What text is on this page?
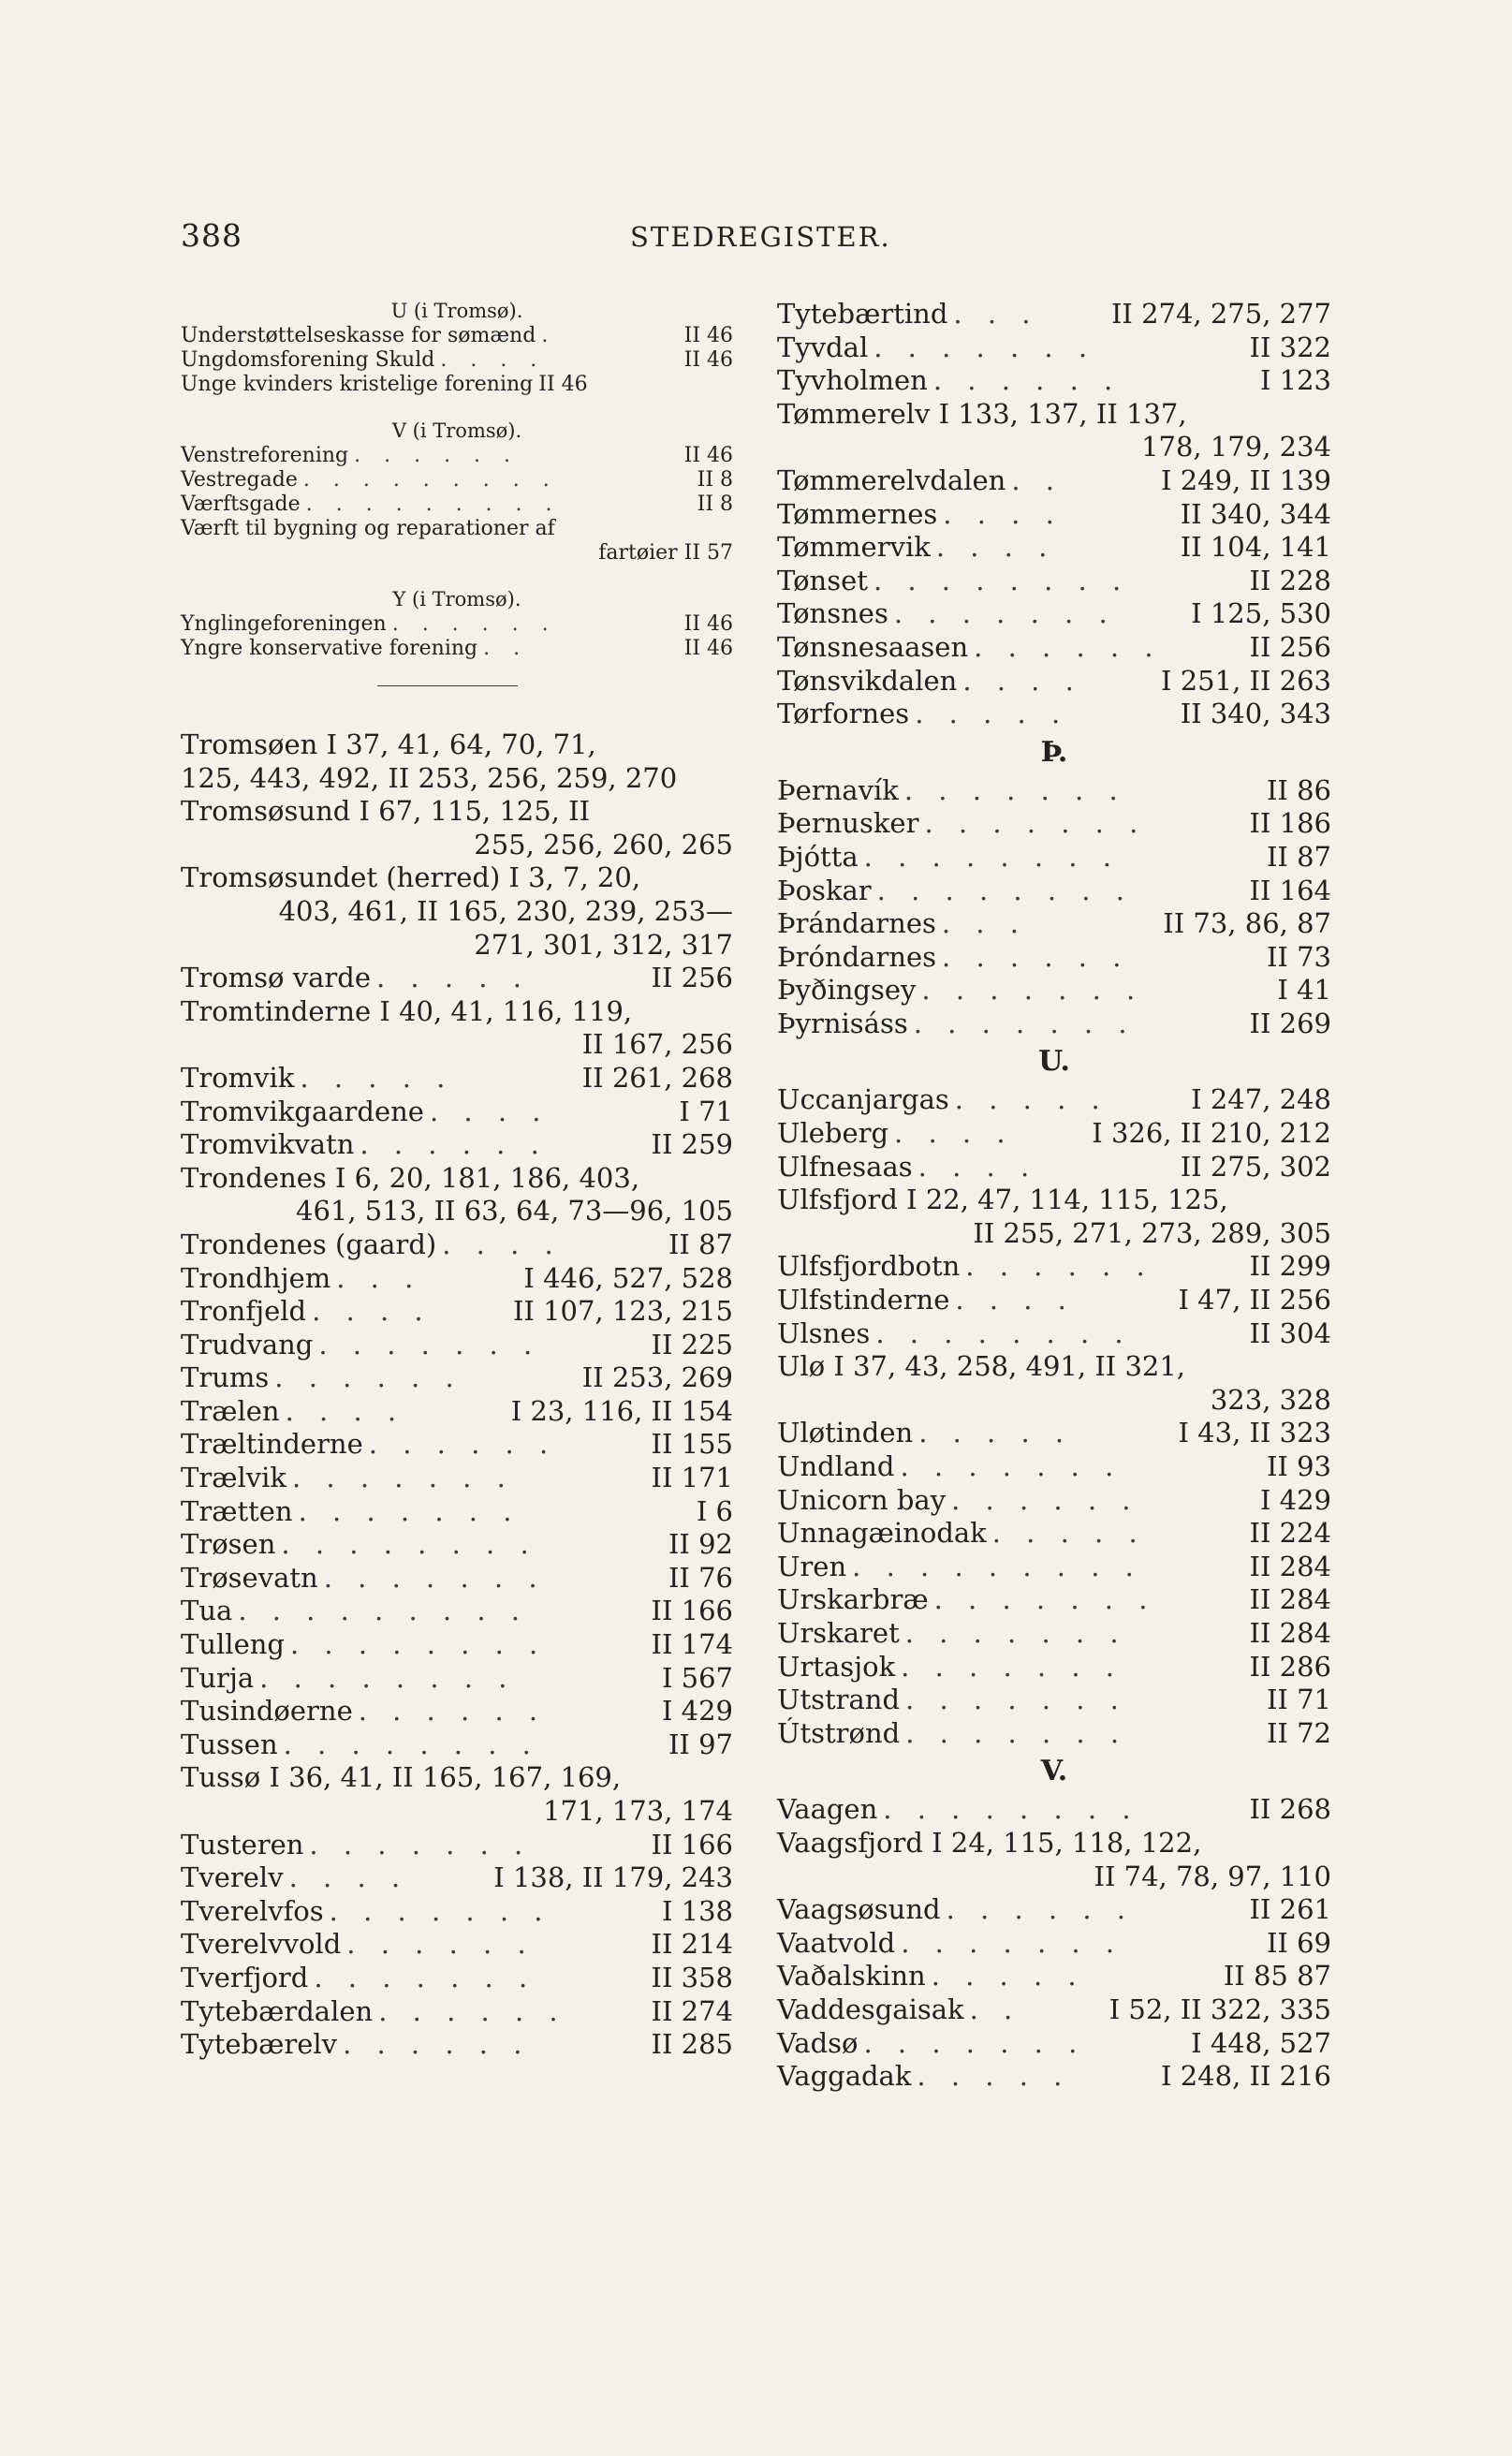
388	STEDREGISTER.
U (i Tromsø).
Understøttelseskasse for sømænd .	II 46
Ungdomsforening Skuld . . . .	II 46
Unge kvinders kristelige forening II 46
V (i Tromsø).
Venstreforening . . . . . .	II 46
Vestregade . . . . . . . . .	II 8
Værftsgade . . . . . . . . .	II 8
Værft til bygning og reparationer af
fartøier II 57
Y (i Tromsø).
Ynglingeforeningen . . . . . .	II 46
Yngre konservative forening . .	II 46
Tromsøen I 37, 41, 64, 70, 71,
125, 443, 492, II 253, 256, 259, 270
Tromsøsund I 67, 115, 125, II
255, 256, 260, 265
Tromsøsundet (herred) I 3, 7, 20,
403, 461, II 165, 230, 239, 253—
271, 301, 312, 317
Tromsø varde . . . . .	II 256
Tromtinderne I 40, 41, 116, 119,
II 167, 256
Tromvik . . . . .	II 261, 268
Tromvikgaardene . . . .	I 71
Tromvikvatn . . . . . .	II 259
Trondenes I 6, 20, 181, 186, 403,
461, 513, II 63, 64, 73—96, 105
Trondenes (gaard) . . . .	II 87
Trondhjem . . .	I 446, 527, 528
Tronfjeld . . . .	II 107, 123, 215
Trudvang . . . . . . .	II 225
Trums . . . . . .	II 253, 269
Trælen . . . .	I 23, 116, II 154
Træltinderne . . . . . .	II 155
Trælvik . . . . . . .	II 171
Trætten . . . . . . .	I 6
Trøsen . . . . . . . .	II 92
Trøsevatn . . . . . . .	II 76
Tua . . . . . . . . .	II 166
Tulleng . . . . . . . .	II 174
Turja . . . . . . . .	I 567
Tusindøerne . . . . . .	I 429
Tussen . . . . . . . .	II 97
Tussø I 36, 41, II 165, 167, 169,
171, 173, 174
Tusteren . . . . . . .	II 166
Tverelv . . . .	I 138, II 179, 243
Tverelvfos . . . . . . .	I 138
Tverelvvold . . . . . .	II 214
Tverfjord . . . . . . .	II 358
Tytebærdalen . . . . . .	II 274
Tytebærelv . . . . . .	II 285
Tytebærtind . . .	II 274, 275, 277
Tyvdal . . . . . . .	II 322
Tyvholmen . . . . . .	I 123
Tømmerelv I 133, 137, II 137,
178, 179, 234
Tømmerelvdalen . .	I 249, II 139
Tømmernes . . . .	II 340, 344
Tømmervik . . . .	II 104, 141
Tønset . . . . . . . .	II 228
Tønsnes . . . . . . .	I 125, 530
Tønsnesaasen . . . . . .	II 256
Tønsvikdalen . . . .	I 251, II 263
Tørfornes . . . . .	II 340, 343
Þ.
Þernavík . . . . . . .	II 86
Þernusker . . . . . . .	II 186
Þjótta . . . . . . . .	II 87
Þoskar . . . . . . . .	II 164
Þrándarnes . . .	II 73, 86, 87
Þróndarnes . . . . . .	II 73
Þyðingsey . . . . . . .	I 41
Þyrnisáss . . . . . . .	II 269
U.
Uccanjargas . . . . .	I 247, 248
Uleberg . . . .	I 326, II 210, 212
Ulfnesaas . . . .	II 275, 302
Ulfsfjord I 22, 47, 114, 115, 125,
II 255, 271, 273, 289, 305
Ulfsfjordbotn . . . . . .	II 299
Ulfstinderne . . . .	I 47, II 256
Ulsnes . . . . . . . .	II 304
Ulø I 37, 43, 258, 491, II 321,
323, 328
Uløtinden . . . . .	I 43, II 323
Undland . . . . . . .	II 93
Unicorn bay . . . . . .	I 429
Unnagæinodak . . . . .	II 224
Uren . . . . . . . . .	II 284
Urskarbræ . . . . . . .	II 284
Urskaret . . . . . . .	II 284
Urtasjok . . . . . . .	II 286
Utstrand . . . . . . .	II 71
Útstrønd . . . . . . .	II 72
V.
Vaagen . . . . . . . .	II 268
Vaagsfjord I 24, 115, 118, 122,
II 74, 78, 97, 110
Vaagsøsund . . . . . .	II 261
Vaatvold . . . . . . .	II 69
Vaðalskinn . . . . .	II 85 87
Vaddesgaisak . .	I 52, II 322, 335
Vadsø . . . . . . .	I 448, 527
Vaggadak . . . . .	I 248, II 216
